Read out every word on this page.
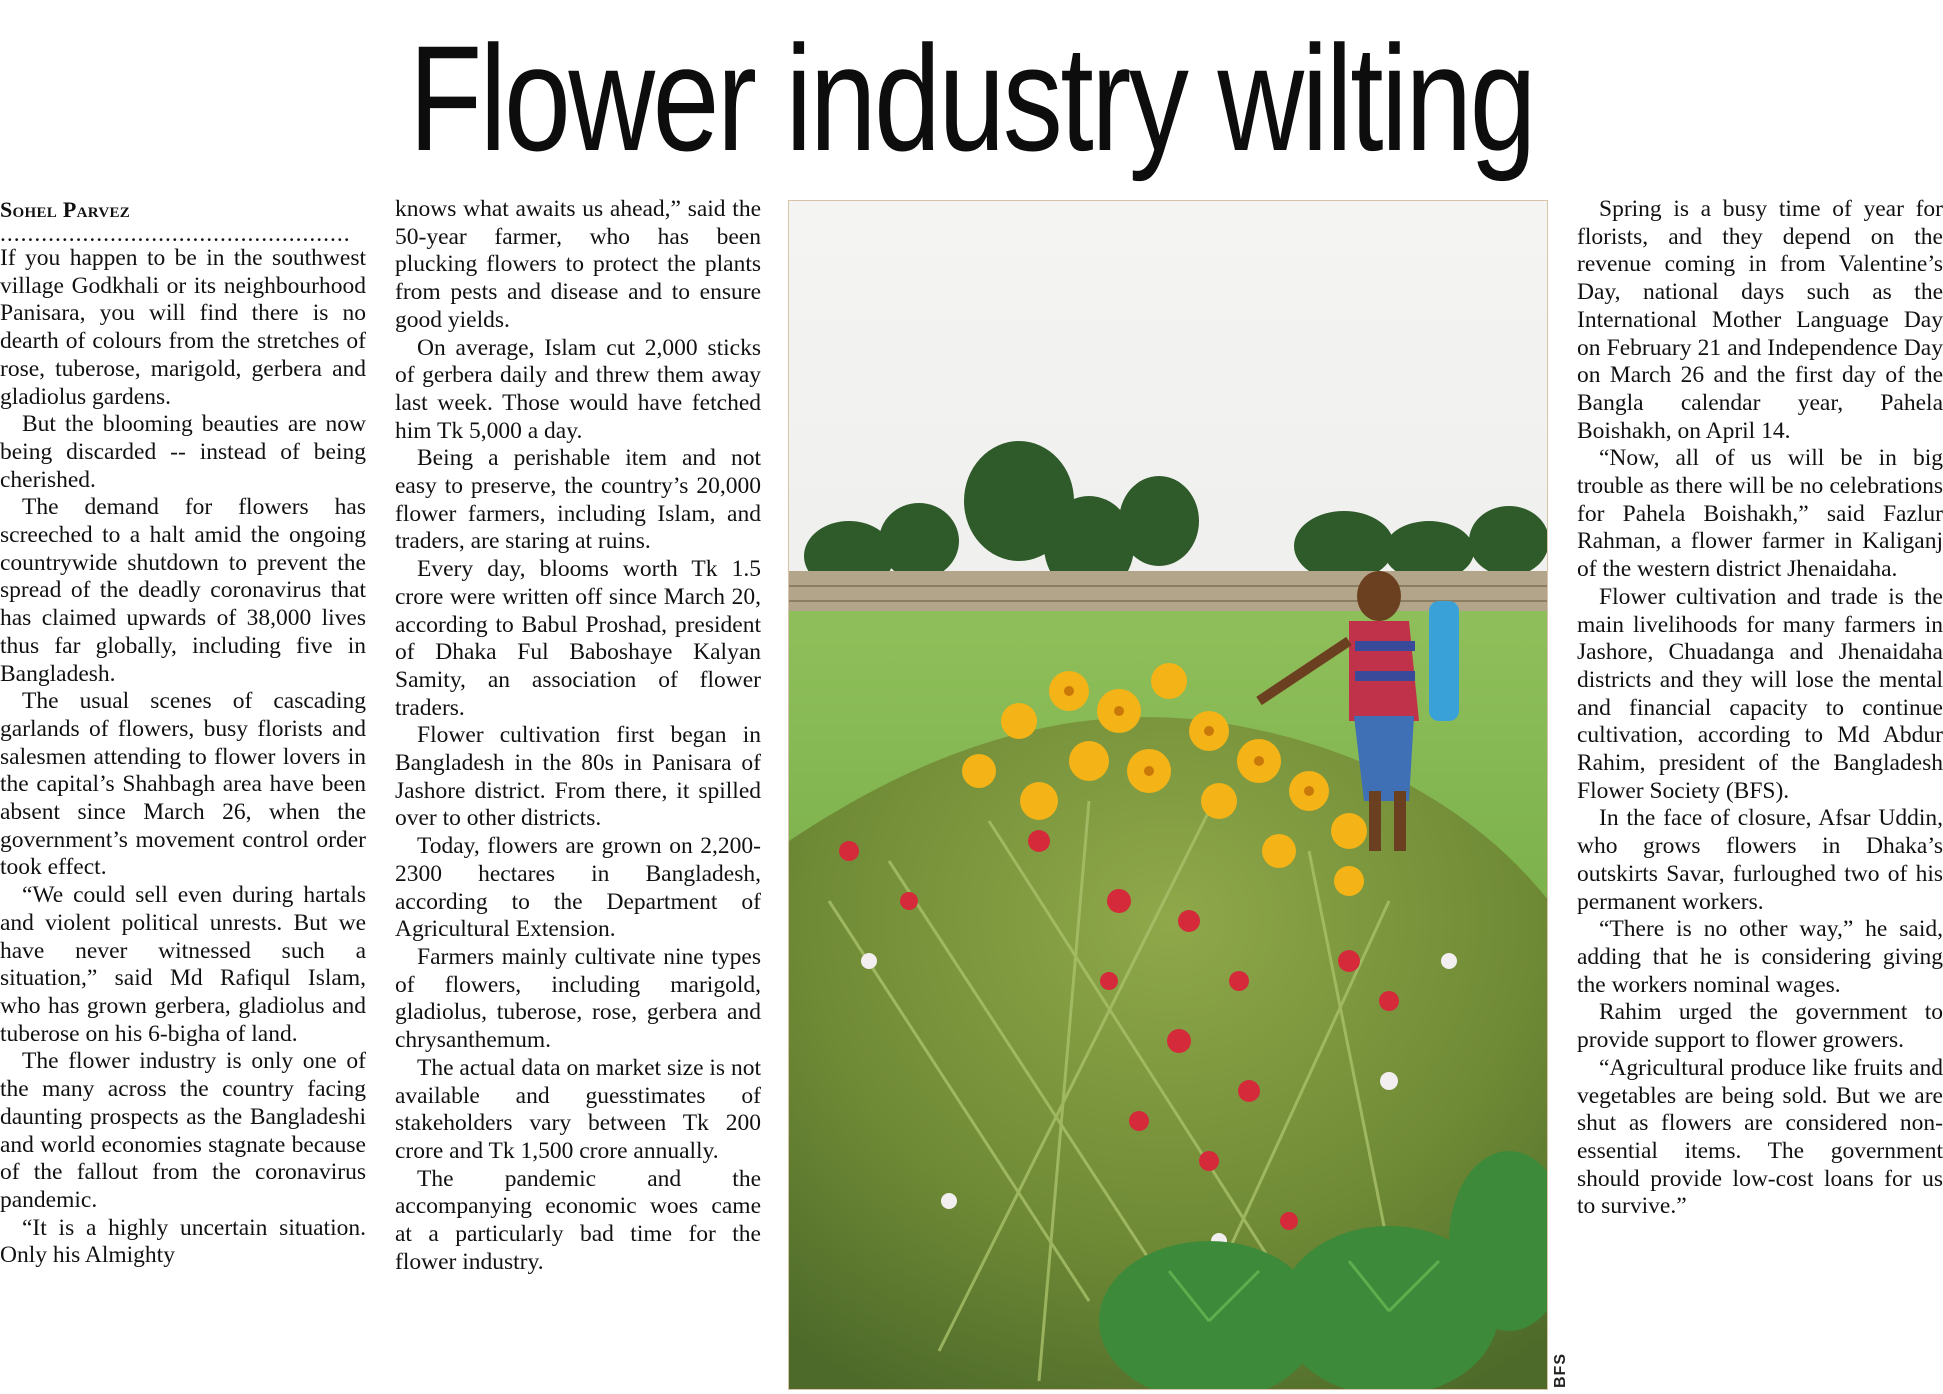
Flower industry wilting
Sohel Parvez
...................................................

If you happen to be in the southwest village Godkhali or its neighbourhood Panisara, you will find there is no dearth of colours from the stretches of rose, tuberose, marigold, gerbera and gladiolus gardens.

But the blooming beauties are now being discarded -- instead of being cherished.

The demand for flowers has screeched to a halt amid the ongoing countrywide shutdown to prevent the spread of the deadly coronavirus that has claimed upwards of 38,000 lives thus far globally, including five in Bangladesh.

The usual scenes of cascading garlands of flowers, busy florists and salesmen attending to flower lovers in the capital’s Shahbagh area have been absent since March 26, when the government’s movement control order took effect.

“We could sell even during hartals and violent political unrests. But we have never witnessed such a situation,” said Md Rafiqul Islam, who has grown gerbera, gladiolus and tuberose on his 6-bigha of land.

The flower industry is only one of the many across the country facing daunting prospects as the Bangladeshi and world economies stagnate because of the fallout from the coronavirus pandemic.

“It is a highly uncertain situation. Only his Almighty

knows what awaits us ahead,” said the 50-year farmer, who has been plucking flowers to protect the plants from pests and disease and to ensure good yields.

On average, Islam cut 2,000 sticks of gerbera daily and threw them away last week. Those would have fetched him Tk 5,000 a day.

Being a perishable item and not easy to preserve, the country’s 20,000 flower farmers, including Islam, and traders, are staring at ruins.

Every day, blooms worth Tk 1.5 crore were written off since March 20, according to Babul Proshad, president of Dhaka Ful Baboshaye Kalyan Samity, an association of flower traders.

Flower cultivation first began in Bangladesh in the 80s in Panisara of Jashore district. From there, it spilled over to other districts.

Today, flowers are grown on 2,200-2300 hectares in Bangladesh, according to the Department of Agricultural Extension.

Farmers mainly cultivate nine types of flowers, including marigold, gladiolus, tuberose, rose, gerbera and chrysanthemum.

The actual data on market size is not available and guesstimates of stakeholders vary between Tk 200 crore and Tk 1,500 crore annually.

The pandemic and the accompanying economic woes came at a particularly bad time for the flower industry.

BFS

Spring is a busy time of year for florists, and they depend on the revenue coming in from Valentine’s Day, national days such as the International Mother Language Day on February 21 and Independence Day on March 26 and the first day of the Bangla calendar year, Pahela Boishakh, on April 14.

“Now, all of us will be in big trouble as there will be no celebrations for Pahela Boishakh,” said Fazlur Rahman, a flower farmer in Kaliganj of the western district Jhenaidaha.

Flower cultivation and trade is the main livelihoods for many farmers in Jashore, Chuadanga and Jhenaidaha districts and they will lose the mental and financial capacity to continue cultivation, according to Md Abdur Rahim, president of the Bangladesh Flower Society (BFS).

In the face of closure, Afsar Uddin, who grows flowers in Dhaka’s outskirts Savar, furloughed two of his permanent workers.

“There is no other way,” he said, adding that he is considering giving the workers nominal wages.

Rahim urged the government to provide support to flower growers.

“Agricultural produce like fruits and vegetables are being sold. But we are shut as flowers are considered non-essential items. The government should provide low-cost loans for us to survive.”
